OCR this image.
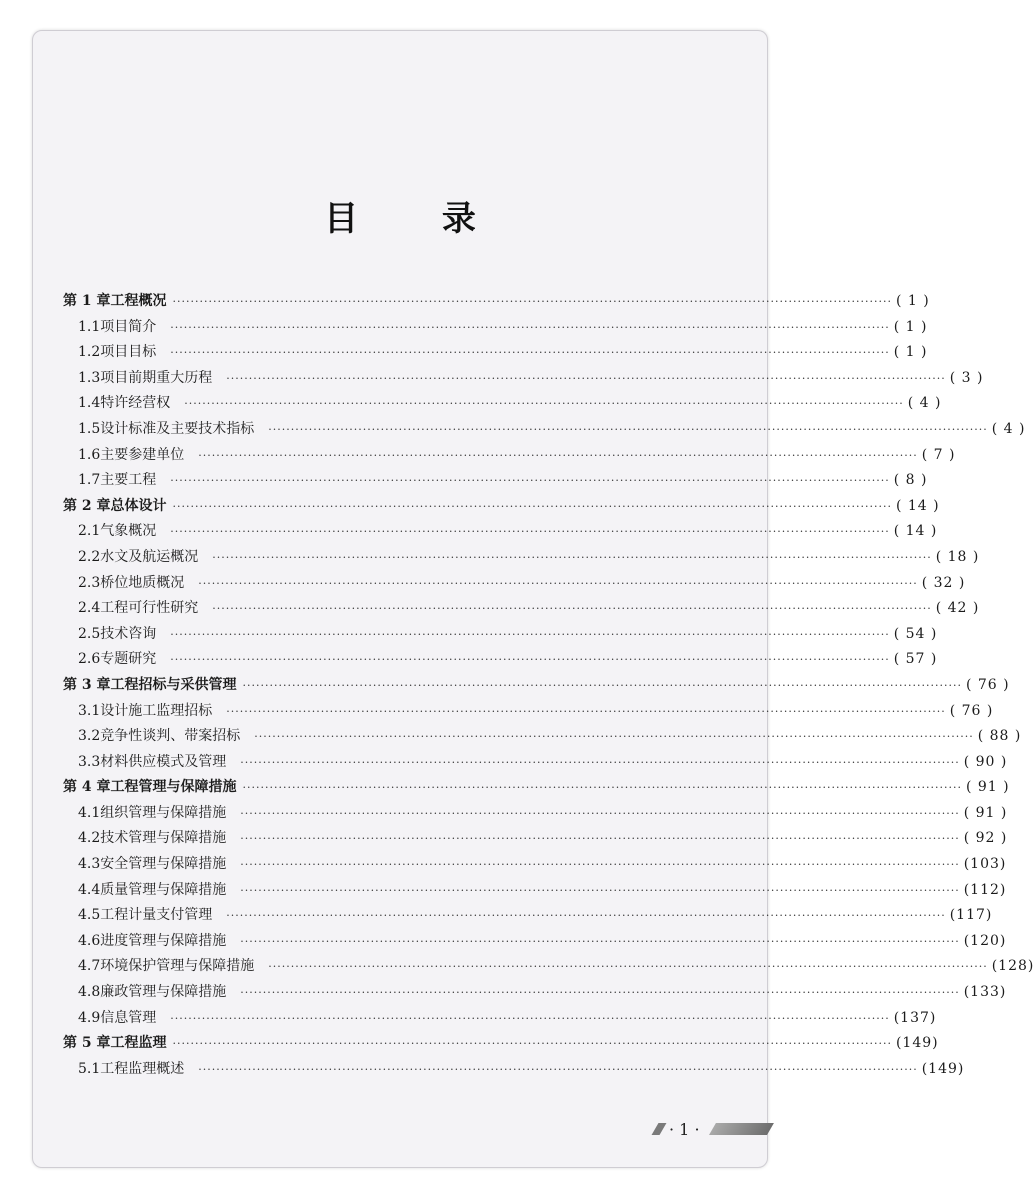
目 录
第 1 章 工程概况 ································································································································································ ( 1 )
1.1 项目简介 ································································································································································ ( 1 )
1.2 项目目标 ································································································································································ ( 1 )
1.3 项目前期重大历程 ································································································································································ ( 3 )
1.4 特许经营权 ································································································································································ ( 4 )
1.5 设计标准及主要技术指标 ································································································································································ ( 4 )
1.6 主要参建单位 ································································································································································ ( 7 )
1.7 主要工程 ································································································································································ ( 8 )
第 2 章 总体设计 ································································································································································ ( 14 )
2.1 气象概况 ································································································································································ ( 14 )
2.2 水文及航运概况 ································································································································································ ( 18 )
2.3 桥位地质概况 ································································································································································ ( 32 )
2.4 工程可行性研究 ································································································································································ ( 42 )
2.5 技术咨询 ································································································································································ ( 54 )
2.6 专题研究 ································································································································································ ( 57 )
第 3 章 工程招标与采供管理 ································································································································································ ( 76 )
3.1 设计施工监理招标 ································································································································································ ( 76 )
3.2 竞争性谈判、带案招标 ································································································································································ ( 88 )
3.3 材料供应模式及管理 ································································································································································ ( 90 )
第 4 章 工程管理与保障措施 ································································································································································ ( 91 )
4.1 组织管理与保障措施 ································································································································································ ( 91 )
4.2 技术管理与保障措施 ································································································································································ ( 92 )
4.3 安全管理与保障措施 ································································································································································ (103)
4.4 质量管理与保障措施 ································································································································································ (112)
4.5 工程计量支付管理 ································································································································································ (117)
4.6 进度管理与保障措施 ································································································································································ (120)
4.7 环境保护管理与保障措施 ································································································································································ (128)
4.8 廉政管理与保障措施 ································································································································································ (133)
4.9 信息管理 ································································································································································ (137)
第 5 章 工程监理 ································································································································································ (149)
5.1 工程监理概述 ································································································································································ (149)
· 1 ·
